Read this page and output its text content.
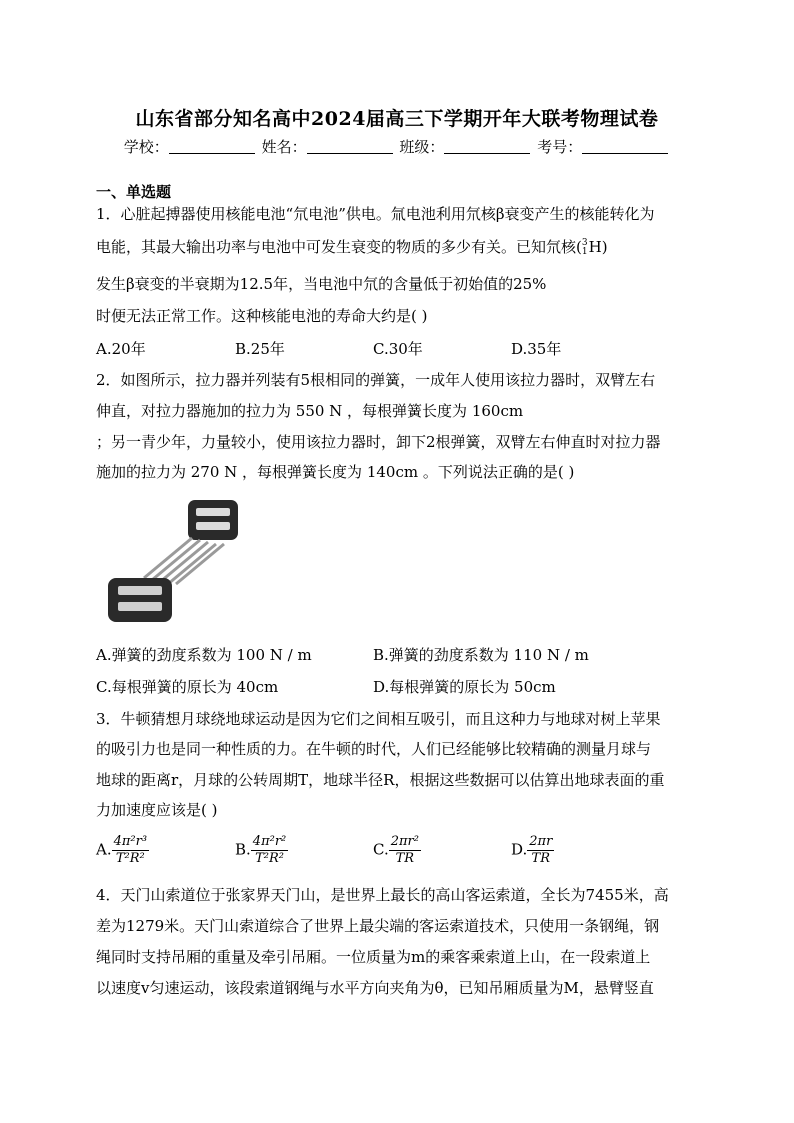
山东省部分知名高中2024届高三下学期开年大联考物理试卷
学校：	姓名：	班级：	考号：
一、单选题
1．心脏起搏器使用核能电池“氘电池”供电。氚电池利用氘核β衰变产生的核能转化为
电能，其最大输出功率与电池中可发生衰变的物质的多少有关。已知氘核(3
1H)
发生β衰变的半衰期为12.5年，当电池中氘的含量低于初始值的25%
时便无法正常工作。这种核能电池的寿命大约是( )
A.20年	B.25年	C.30年	D.35年
2．如图所示，拉力器并列装有5根相同的弹簧，一成年人使用该拉力器时，双臂左右
伸直，对拉力器施加的拉力为 550 N ，每根弹簧长度为 160cm
；另一青少年，力量较小，使用该拉力器时，卸下2根弹簧，双臂左右伸直时对拉力器
施加的拉力为 270 N ，每根弹簧长度为 140cm 。下列说法正确的是( )
A.弹簧的劲度系数为 100 N / m	B.弹簧的劲度系数为 110 N / m
C.每根弹簧的原长为 40cm	D.每根弹簧的原长为 50cm
3．牛顿猜想月球绕地球运动是因为它们之间相互吸引，而且这种力与地球对树上苹果
的吸引力也是同一种性质的力。在牛顿的时代，人们已经能够比较精确的测量月球与
地球的距离r，月球的公转周期T，地球半径R，根据这些数据可以估算出地球表面的重
力加速度应该是( )
A. $\frac{\text{4π²r³}}{\text{T²R²}}$	B. $\frac{\text{4π²r²}}{\text{T²R²}}$	C. $\frac{\text{2πr²}}{TR}$	D. $\frac{2\pi r}{TR}$
4．天门山索道位于张家界天门山，是世界上最长的高山客运索道，全长为7455米，高
差为1279米。天门山索道综合了世界上最尖端的客运索道技术，只使用一条钢绳，钢
绳同时支持吊厢的重量及牵引吊厢。一位质量为m的乘客乘索道上山，在一段索道上
以速度v匀速运动，该段索道钢绳与水平方向夹角为θ，已知吊厢质量为M，悬臂竖直
